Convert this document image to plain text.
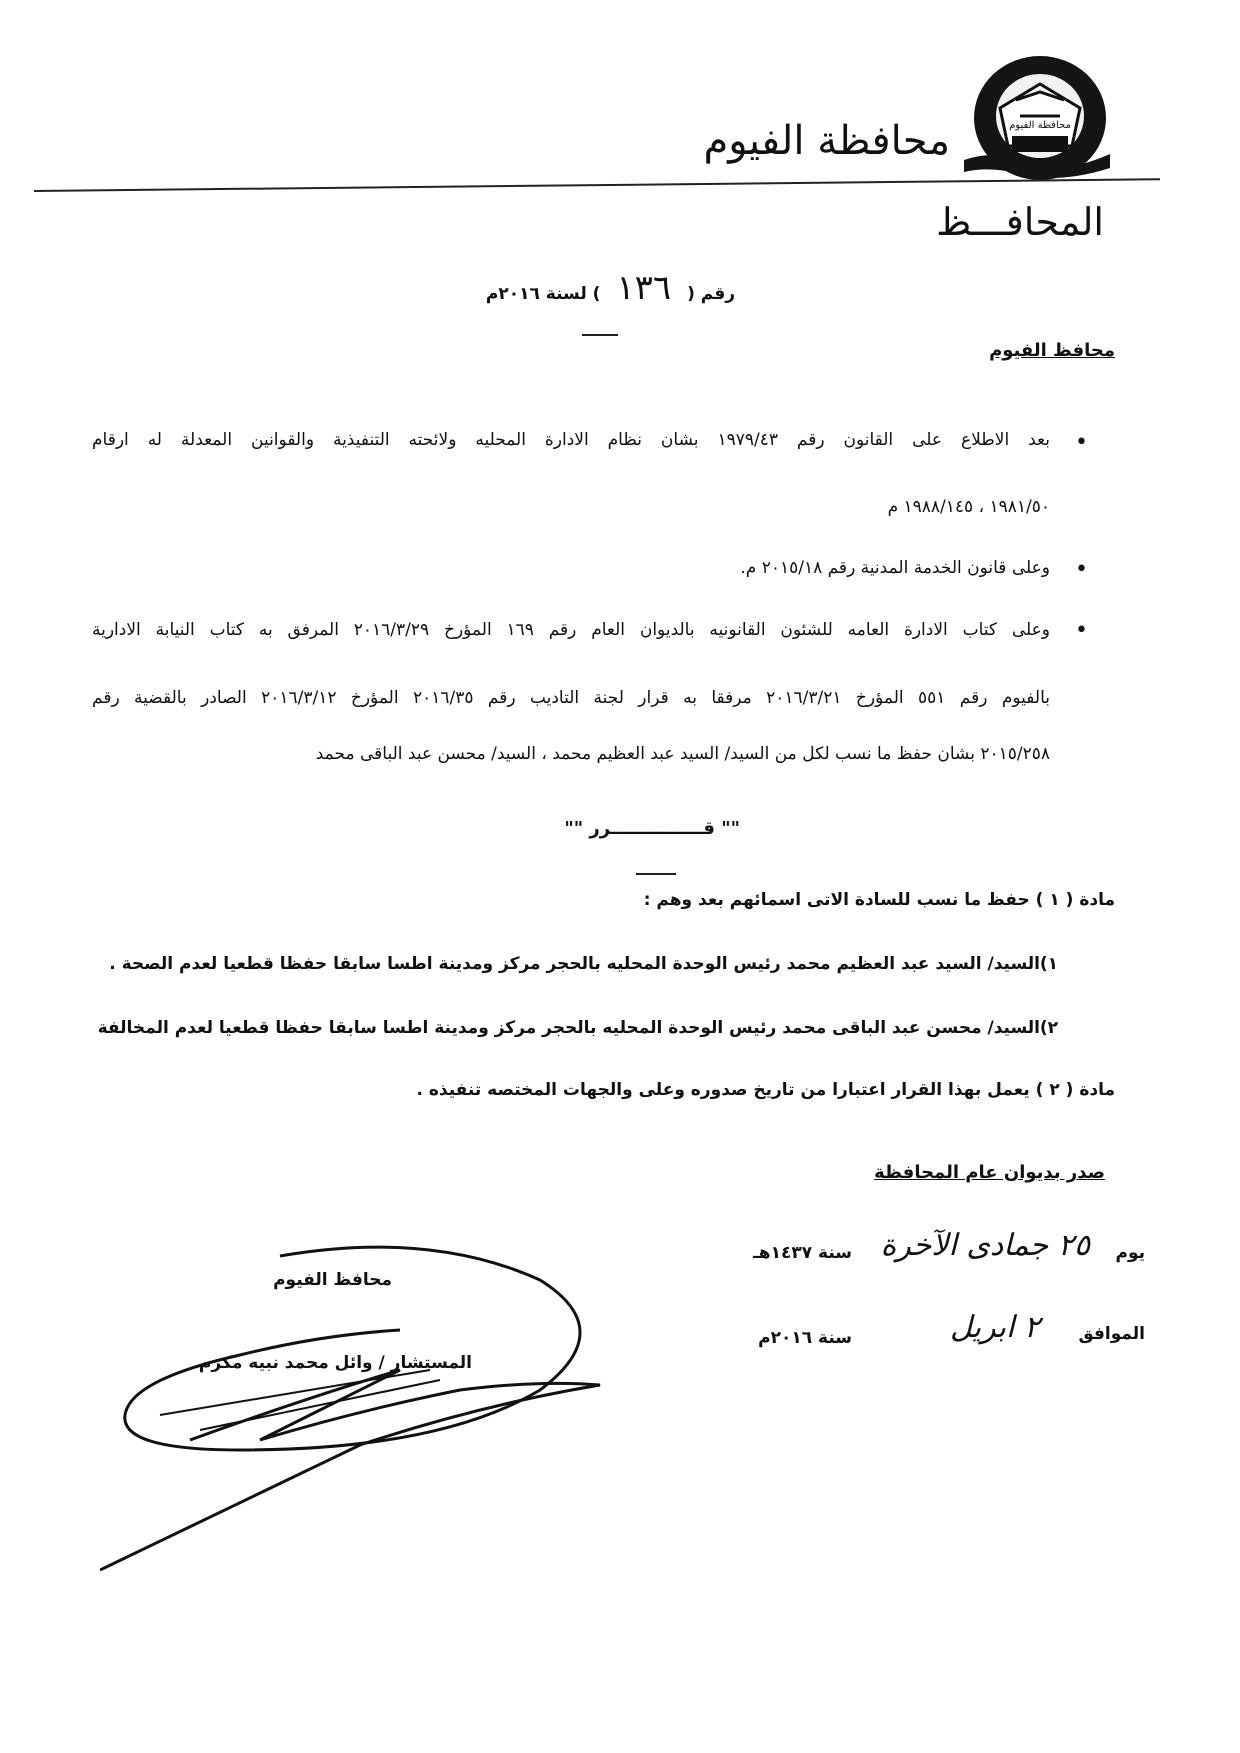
محافظة الفيوم
محافظة الفيوم
المحافـــظ
رقم ( ١٣٦ ) لسنة ٢٠١٦م
محافظ الفيوم
•
بعد الاطلاع على القانون رقم ١٩٧٩/٤٣ بشان نظام الادارة المحليه ولائحته التنفيذية والقوانين المعدلة له ارقام
١٩٨١/٥٠ ، ١٩٨٨/١٤٥ م
•
وعلى قانون الخدمة المدنية رقم ٢٠١٥/١٨ م.
•
وعلى كتاب الادارة العامه للشئون القانونيه بالديوان العام رقم ١٦٩ المؤرخ ٢٠١٦/٣/٢٩ المرفق به كتاب النيابة الادارية
بالفيوم رقم ٥٥١ المؤرخ ٢٠١٦/٣/٢١ مرفقا به قرار لجنة التاديب رقم ٢٠١٦/٣٥ المؤرخ ٢٠١٦/٣/١٢ الصادر بالقضية رقم
٢٠١٥/٢٥٨ بشان حفظ ما نسب لكل من السيد/ السيد عبد العظيم محمد ، السيد/ محسن عبد الباقى محمد
"" قـــــــــــــــرر ""
مادة ( ١ ) حفظ ما نسب للسادة الاتى اسمائهم بعد وهم :
١)
السيد/ السيد عبد العظيم محمد رئيس الوحدة المحليه بالحجر مركز ومدينة اطسا سابقا حفظا قطعيا لعدم الصحة .
٢)
السيد/ محسن عبد الباقى محمد رئيس الوحدة المحليه بالحجر مركز ومدينة اطسا سابقا حفظا قطعيا لعدم المخالفة
مادة ( ٢ ) يعمل بهذا القرار اعتبارا من تاريخ صدوره وعلى والجهات المختصه تنفيذه .
صدر بديوان عام المحافظة
محافظ الفيوم
المستشار / وائل محمد نبيه مكرم
يوم
٢٥ جمادى الآخرة
سنة ١٤٣٧هـ
الموافق
٢ ابريل
سنة ٢٠١٦م
